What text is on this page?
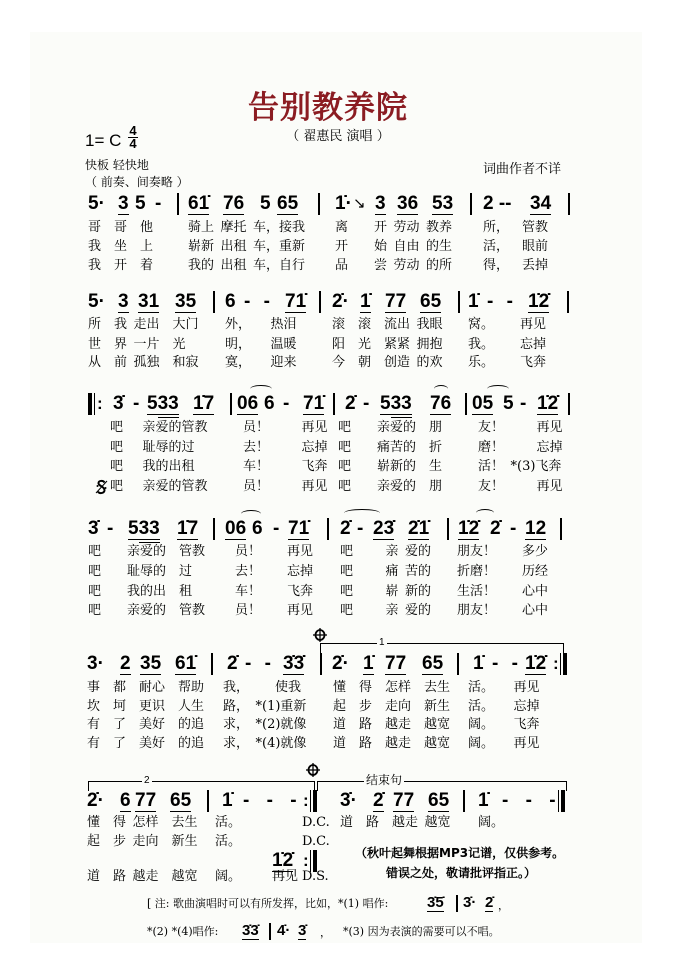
告别教养院
（ 翟惠民 演唱 ）
1= C $\frac{4}{4}$
快板 轻快地
（ 前奏、间奏略 ）
词曲作者不详
5· 3 5 - 61̇ 76 5 65 1̇· ↘ 3 36 53 2 -- 34
哥　哥　他	骑上 摩托 车，接我 离　　开 劳动 教养 所，　 管教
我　坐　上	崭新 出租 车，重新 开　　始 自由 的生 活，　 眼前
我　开　着	我的 出租 车，自行 品　　尝 劳动 的所 得，　 丢掉
5· 3 31 35 6 - - 71̇ 2̇· 1̇ 77 65 1̇ - - 1̇2̇
所　我 走出　大门 外，　　热泪	滚　滚　流出 我眼 窝。　　 再见
世　界 一片　光	明，　　温暖	阳　光　紧紧 拥抱 我。　　 忘掉
从　前 孤独　和寂 寞，　　迎来	今　朝　创造 的欢 乐。　　 飞奔
: 3̇ - 533 1̇7 06 6 - 71̇ 2̇ - 533 76 05 5 - 1̇2̇
吧　 亲爱的管教	员！　　 再见 吧　　亲爱的　朋	友！　　 再见
吧　 耻辱的过	去！　　 忘掉 吧　　痛苦的　折	磨！　　 忘掉
吧　 我的出租	车！　　 飞奔 吧　　崭新的　生	活！ *(3)飞奔
吧　 亲爱的管教	员！　　 再见 吧　　亲爱的　朋	友！　　 再见
3̇ - 533 1̇7 06 6 - 71̇ 2̇ - 23̇ 2̇1̇ 1̇2̇ 2̇ - 12
吧　　亲爱的　管教 员！　　再见 吧　　 亲 爱的 朋友！　　多少
吧　　耻辱的　过	去！　　忘掉 吧　　 痛 苦的 折磨！　　历经
吧　　我的出　租	车！　　飞奔 吧　　 崭 新的 生活！　　心中
吧　　亲爱的　管教 员！　　再见 吧　　 亲 爱的 朋友！　　心中
1
3· 2 35 61̇ 2̇ - - 3̇3̇ 2̇· 1̇ 77 65 1̇ - - 1̇2̇ :
事　都　耐心　帮助 我，　　 使我 懂　得　怎样　去生 活。　　再见
坎　坷　更识　人生 路， *(1)重新 起　步　走向　新生 活。　　忘掉
有　了　美好　的追 求， *(2)就像 道　路　越走　越宽 阔。　　飞奔
有　了　美好　的追 求， *(4)就像 道　路　越走　越宽 阔。　　再见
2	结束句
2̇· 6 77 65 1̇ - - - : 3̇· 2̇ 77 65 1̇ - - -
懂　得 怎样　去生 活。	D.C. 道　路　越走 越宽 阔。
起　步 走向　新生 活。	D.C.
1̇2̇ :
道　路 越走　越宽 阔。 再见 D.S.
（秋叶起舞根据MP3记谱，仅供参考。
错误之处，敬请批评指正。）
[ 注: 歌曲演唱时可以有所发挥，比如，*(1) 唱作:	3̇5̇ 3̇· 2̇ ，
*(2) *(4)唱作: 3̇3̇ 4̇· 3̇ ， *(3) 因为表演的需要可以不唱。
